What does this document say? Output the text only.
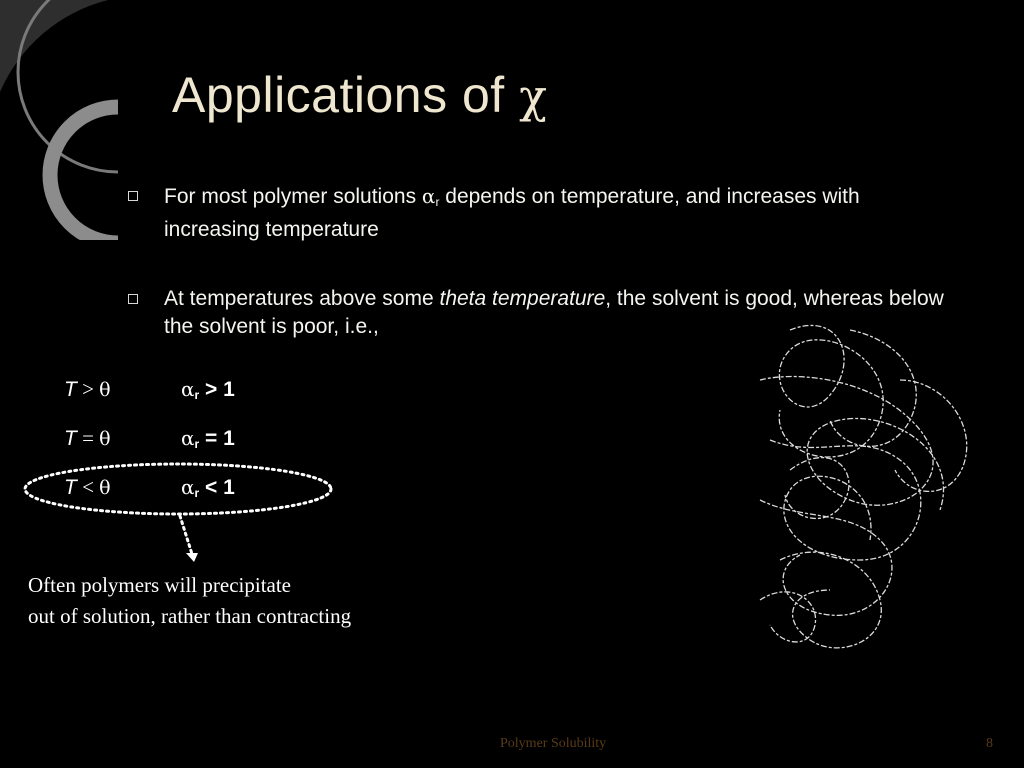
Applications of χ
For most polymer solutions $\alpha_r$ depends on temperature, and increases with increasing temperature
At temperatures above some theta temperature, the solvent is good, whereas below the solvent is poor, i.e.,
T > θ	$\alpha_r > 1$
T = θ	$\alpha_r = 1$
T < θ	$\alpha_r < 1$
Often polymers will precipitate
out of solution, rather than contracting
Polymer Solubility	8
